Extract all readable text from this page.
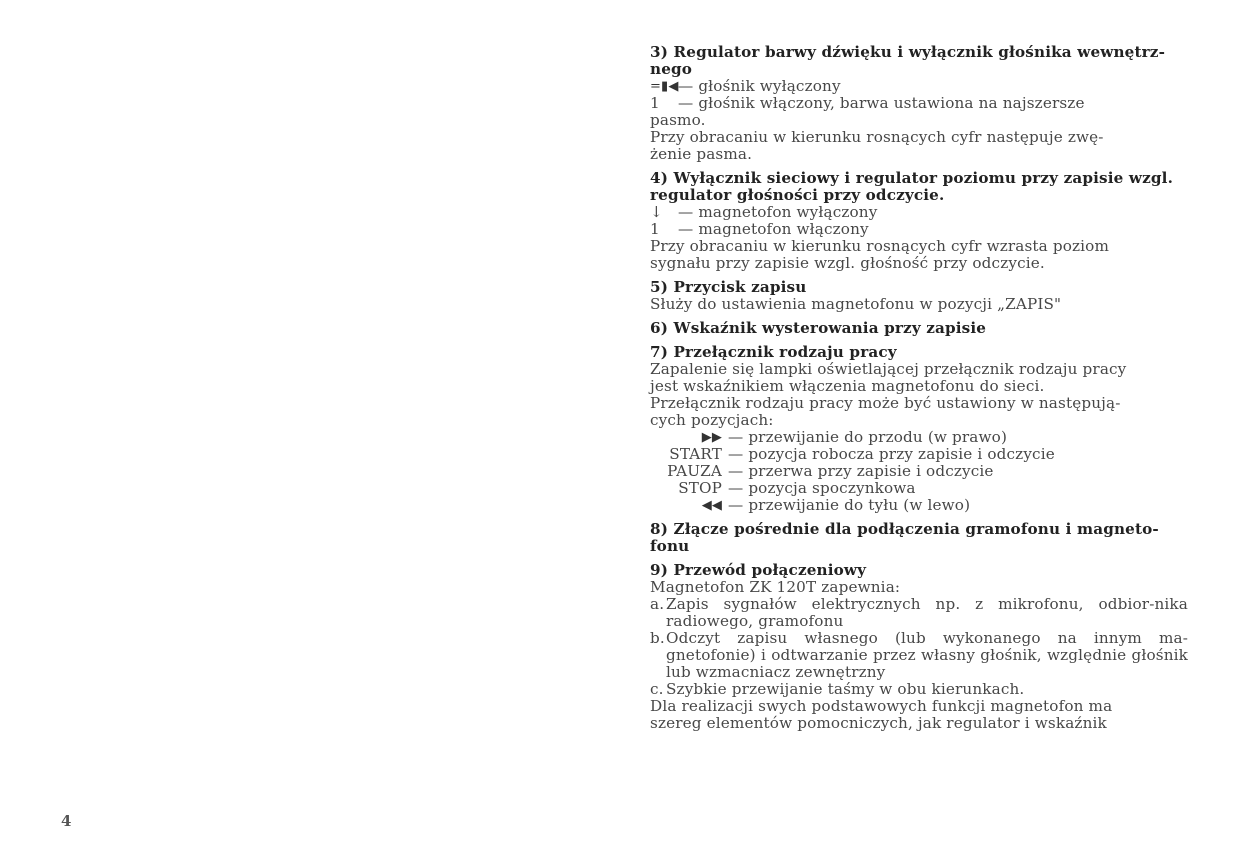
4
3) Regulator barwy dźwięku i wyłącznik głośnika wewnętrz-
nego
=▮◀ — głośnik wyłączony
1	— głośnik włączony, barwa ustawiona na najszersze
pasmo.
Przy obracaniu w kierunku rosnących cyfr następuje zwę-
żenie pasma.
4) Wyłącznik sieciowy i regulator poziomu przy zapisie wzgl.
regulator głośności przy odczycie.
↓ — magnetofon wyłączony
1	— magnetofon włączony
Przy obracaniu w kierunku rosnących cyfr wzrasta poziom
sygnału przy zapisie wzgl. głośność przy odczycie.
5) Przycisk zapisu
Służy do ustawienia magnetofonu w pozycji „ZAPIS"
6) Wskaźnik wysterowania przy zapisie
7) Przełącznik rodzaju pracy
Zapalenie się lampki oświetlającej przełącznik rodzaju pracy
jest wskaźnikiem włączenia magnetofonu do sieci.
Przełącznik rodzaju pracy może być ustawiony w następują-
cych pozycjach:
▶▶ — przewijanie do przodu (w prawo)
START — pozycja robocza przy zapisie i odczycie
PAUZA — przerwa przy zapisie i odczycie
STOP — pozycja spoczynkowa
◀◀ — przewijanie do tyłu (w lewo)
8) Złącze pośrednie dla podłączenia gramofonu i magneto-
fonu
9) Przewód połączeniowy
Magnetofon ZK 120T zapewnia:
a. Zapis sygnałów elektrycznych np. z mikrofonu, odbior-nika radiowego, gramofonu
b. Odczyt zapisu własnego (lub wykonanego na innym ma-gnetofonie) i odtwarzanie przez własny głośnik, względnie głośnik lub wzmacniacz zewnętrzny
c. Szybkie przewijanie taśmy w obu kierunkach.
Dla realizacji swych podstawowych funkcji magnetofon ma
szereg elementów pomocniczych, jak regulator i wskaźnik
